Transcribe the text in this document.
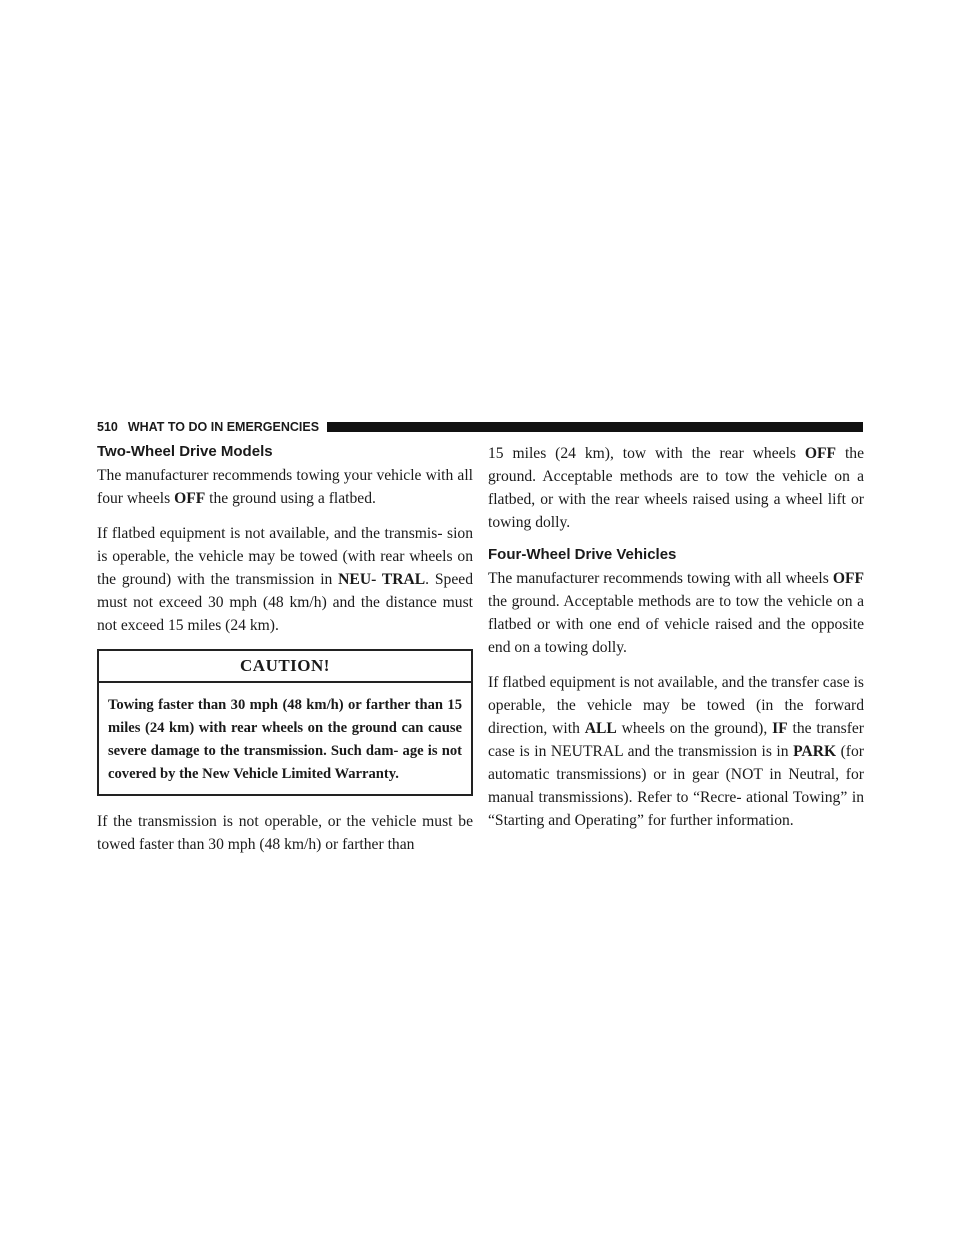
510 WHAT TO DO IN EMERGENCIES
Two-Wheel Drive Models

The manufacturer recommends towing your vehicle with all four wheels OFF the ground using a flatbed.

If flatbed equipment is not available, and the transmis- sion is operable, the vehicle may be towed (with rear wheels on the ground) with the transmission in NEU- TRAL. Speed must not exceed 30 mph (48 km/h) and the distance must not exceed 15 miles (24 km).

CAUTION!
Towing faster than 30 mph (48 km/h) or farther than 15 miles (24 km) with rear wheels on the ground can cause severe damage to the transmission. Such dam- age is not covered by the New Vehicle Limited Warranty.

If the transmission is not operable, or the vehicle must be towed faster than 30 mph (48 km/h) or farther than

15 miles (24 km), tow with the rear wheels OFF the ground. Acceptable methods are to tow the vehicle on a flatbed, or with the rear wheels raised using a wheel lift or towing dolly.

Four-Wheel Drive Vehicles

The manufacturer recommends towing with all wheels OFF the ground. Acceptable methods are to tow the vehicle on a flatbed or with one end of vehicle raised and the opposite end on a towing dolly.

If flatbed equipment is not available, and the transfer case is operable, the vehicle may be towed (in the forward direction, with ALL wheels on the ground), IF the transfer case is in NEUTRAL and the transmission is in PARK (for automatic transmissions) or in gear (NOT in Neutral, for manual transmissions). Refer to “Recre- ational Towing” in “Starting and Operating” for further information.
